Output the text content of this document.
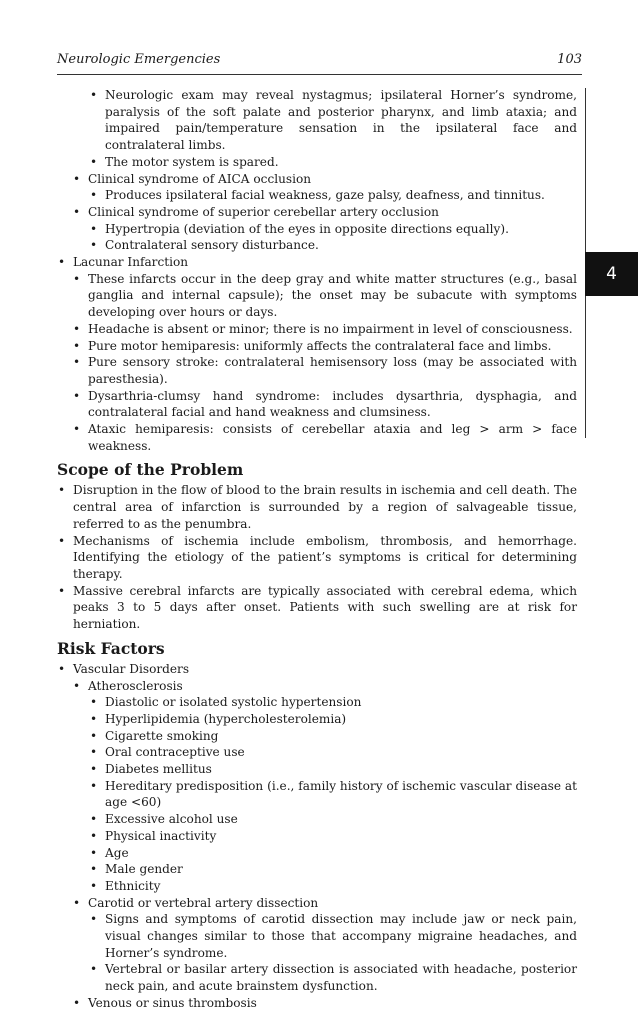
Neurologic Emergencies	103
4
• Neurologic exam may reveal nystagmus; ipsilateral Horner’s syndrome, paralysis of the soft palate and posterior pharynx, and limb ataxia; and impaired pain/temperature sensation in the ipsilateral face and contralateral limbs.
• The motor system is spared.
• Clinical syndrome of AICA occlusion
• Produces ipsilateral facial weakness, gaze palsy, deafness, and tinnitus.
• Clinical syndrome of superior cerebellar artery occlusion
• Hypertropia (deviation of the eyes in opposite directions equally).
• Contralateral sensory disturbance.
• Lacunar Infarction
• These infarcts occur in the deep gray and white matter structures (e.g., basal ganglia and internal capsule); the onset may be subacute with symptoms developing over hours or days.
• Headache is absent or minor; there is no impairment in level of consciousness.
• Pure motor hemiparesis: uniformly affects the contralateral face and limbs.
• Pure sensory stroke: contralateral hemisensory loss (may be associated with paresthesia).
• Dysarthria-clumsy hand syndrome: includes dysarthria, dysphagia, and contralateral facial and hand weakness and clumsiness.
• Ataxic hemiparesis: consists of cerebellar ataxia and leg > arm > face weakness.
Scope of the Problem
• Disruption in the flow of blood to the brain results in ischemia and cell death. The central area of infarction is surrounded by a region of salvageable tissue, referred to as the penumbra.
• Mechanisms of ischemia include embolism, thrombosis, and hemorrhage. Identifying the etiology of the patient’s symptoms is critical for determining therapy.
• Massive cerebral infarcts are typically associated with cerebral edema, which peaks 3 to 5 days after onset. Patients with such swelling are at risk for herniation.
Risk Factors
• Vascular Disorders
• Atherosclerosis
• Diastolic or isolated systolic hypertension
• Hyperlipidemia (hypercholesterolemia)
• Cigarette smoking
• Oral contraceptive use
• Diabetes mellitus
• Hereditary predisposition (i.e., family history of ischemic vascular disease at age <60)
• Excessive alcohol use
• Physical inactivity
• Age
• Male gender
• Ethnicity
• Carotid or vertebral artery dissection
• Signs and symptoms of carotid dissection may include jaw or neck pain, visual changes similar to those that accompany migraine headaches, and Horner’s syndrome.
• Vertebral or basilar artery dissection is associated with headache, posterior neck pain, and acute brainstem dysfunction.
• Venous or sinus thrombosis
